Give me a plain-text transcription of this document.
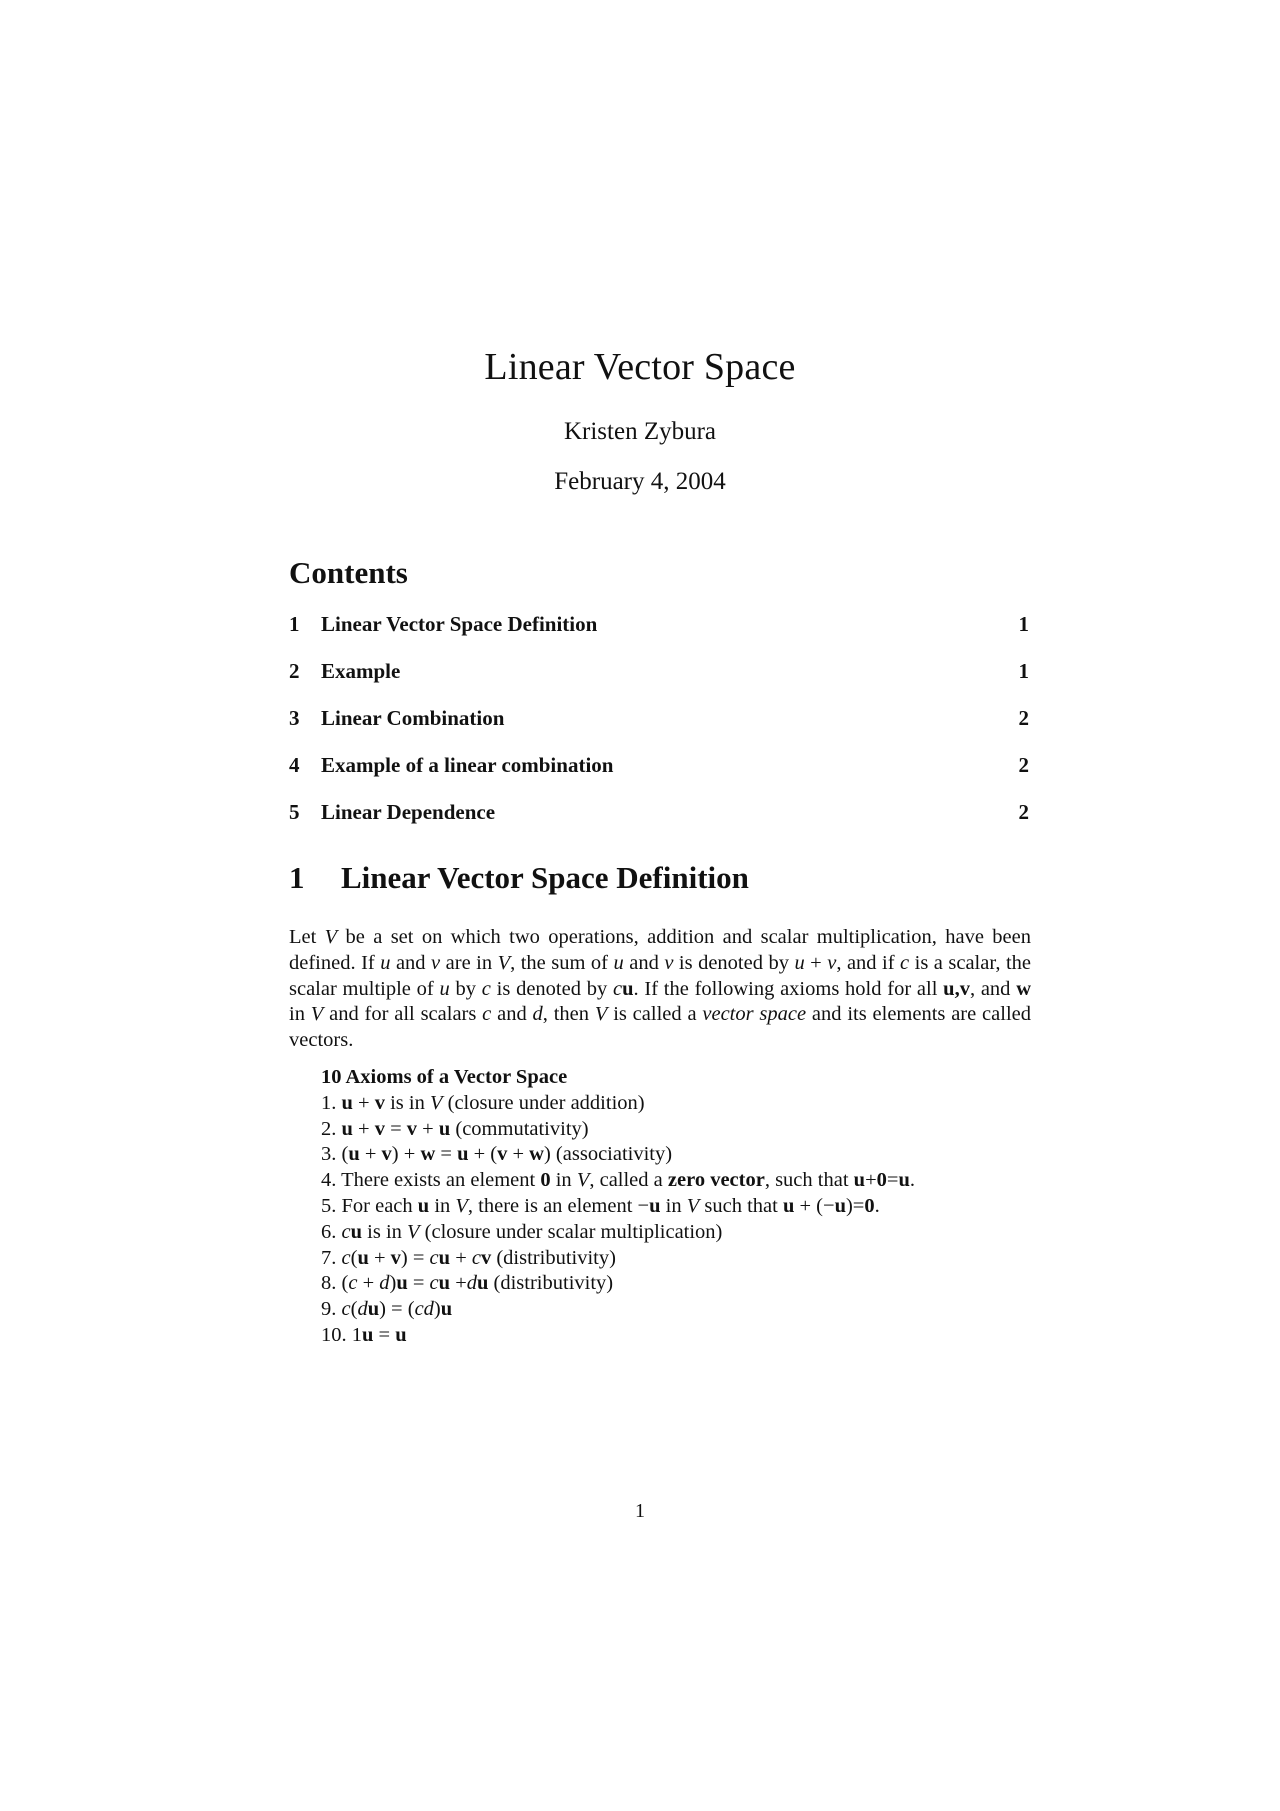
Linear Vector Space
Kristen Zybura
February 4, 2004
Contents
1	Linear Vector Space Definition	1
2	Example	1
3	Linear Combination	2
4	Example of a linear combination	2
5	Linear Dependence	2
1	Linear Vector Space Definition
Let V be a set on which two operations, addition and scalar multiplication, have been defined. If u and v are in V, the sum of u and v is denoted by u + v, and if c is a scalar, the scalar multiple of u by c is denoted by cu. If the following axioms hold for all u,v, and w in V and for all scalars c and d, then V is called a vector space and its elements are called vectors.
10 Axioms of a Vector Space
1. u + v is in V (closure under addition)
2. u + v = v + u (commutativity)
3. (u + v) + w = u + (v + w) (associativity)
4. There exists an element 0 in V, called a zero vector, such that u+0=u.
5. For each u in V, there is an element −u in V such that u + (−u)=0.
6. cu is in V (closure under scalar multiplication)
7. c(u + v) = cu + cv (distributivity)
8. (c + d)u = cu +du (distributivity)
9. c(du) = (cd)u
10. 1u = u
1
